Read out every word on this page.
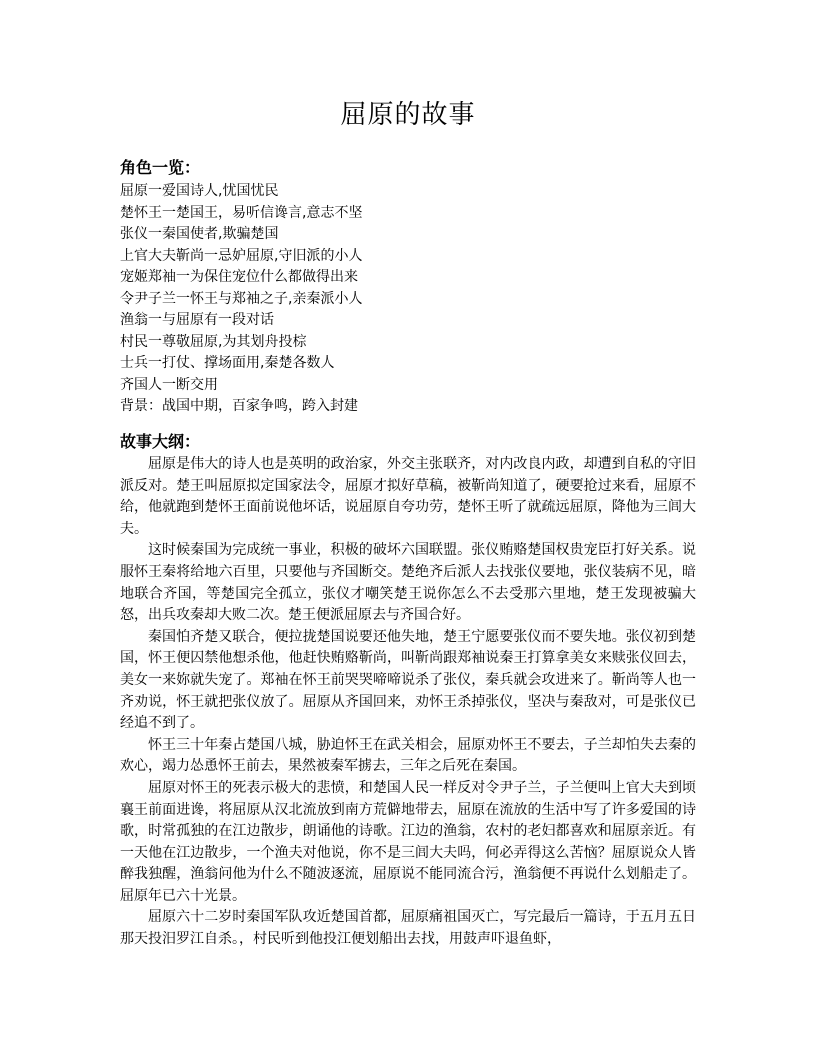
屈原的故事
角色一览：
屈原一爱国诗人,忧国忧民
楚怀王一楚国王，易听信谗言,意志不坚
张仪一秦国使者,欺骗楚国
上官大夫靳尚一忌妒屈原,守旧派的小人
宠姬郑袖一为保住宠位什么都做得出来
令尹子兰一怀王与郑袖之子,亲秦派小人
渔翁一与屈原有一段对话
村民一尊敬屈原,为其划舟投棕
士兵一打仗、撑场面用,秦楚各数人
齐国人一断交用
背景：战国中期，百家争鸣，跨入封建
故事大纲：

屈原是伟大的诗人也是英明的政治家，外交主张联齐，对内改良内政，却遭到自私的守旧派反对。楚王叫屈原拟定国家法令，屈原才拟好草稿，被靳尚知道了，硬要抢过来看，屈原不给，他就跑到楚怀王面前说他坏话，说屈原自夸功劳，楚怀王听了就疏远屈原，降他为三闾大夫。

这时候秦国为完成统一事业，积极的破坏六国联盟。张仪贿赂楚国权贵宠臣打好关系。说服怀王秦将给地六百里，只要他与齐国断交。楚绝齐后派人去找张仪要地，张仪装病不见，暗地联合齐国，等楚国完全孤立，张仪才嘲笑楚王说你怎么不去受那六里地，楚王发现被骗大怒，出兵攻秦却大败二次。楚王便派屈原去与齐国合好。

秦国怕齐楚又联合，便拉拢楚国说要还他失地，楚王宁愿要张仪而不要失地。张仪初到楚国，怀王便囚禁他想杀他，他赶快贿赂靳尚，叫靳尚跟郑袖说秦王打算拿美女来赎张仪回去，美女一来妳就失宠了。郑袖在怀王前哭哭啼啼说杀了张仪，秦兵就会攻进来了。靳尚等人也一齐劝说，怀王就把张仪放了。屈原从齐国回来，劝怀王杀掉张仪，坚决与秦敌对，可是张仪已经追不到了。

怀王三十年秦占楚国八城，胁迫怀王在武关相会，屈原劝怀王不要去，子兰却怕失去秦的欢心，竭力怂恿怀王前去，果然被秦军掳去，三年之后死在秦国。

屈原对怀王的死表示极大的悲愤，和楚国人民一样反对令尹子兰，子兰便叫上官大夫到顷襄王前面进谗，将屈原从汉北流放到南方荒僻地带去，屈原在流放的生活中写了许多爱国的诗歌，时常孤独的在江边散步，朗诵他的诗歌。江边的渔翁，农村的老妇都喜欢和屈原亲近。有一天他在江边散步，一个渔夫对他说，你不是三闾大夫吗，何必弄得这么苦恼？屈原说众人皆醉我独醒，渔翁问他为什么不随波逐流，屈原说不能同流合污，渔翁便不再说什么划船走了。屈原年已六十光景。

屈原六十二岁时秦国军队攻近楚国首都，屈原痛祖国灭亡，写完最后一篇诗，于五月五日那天投汨罗江自杀。，村民听到他投江便划船出去找，用鼓声吓退鱼虾，
